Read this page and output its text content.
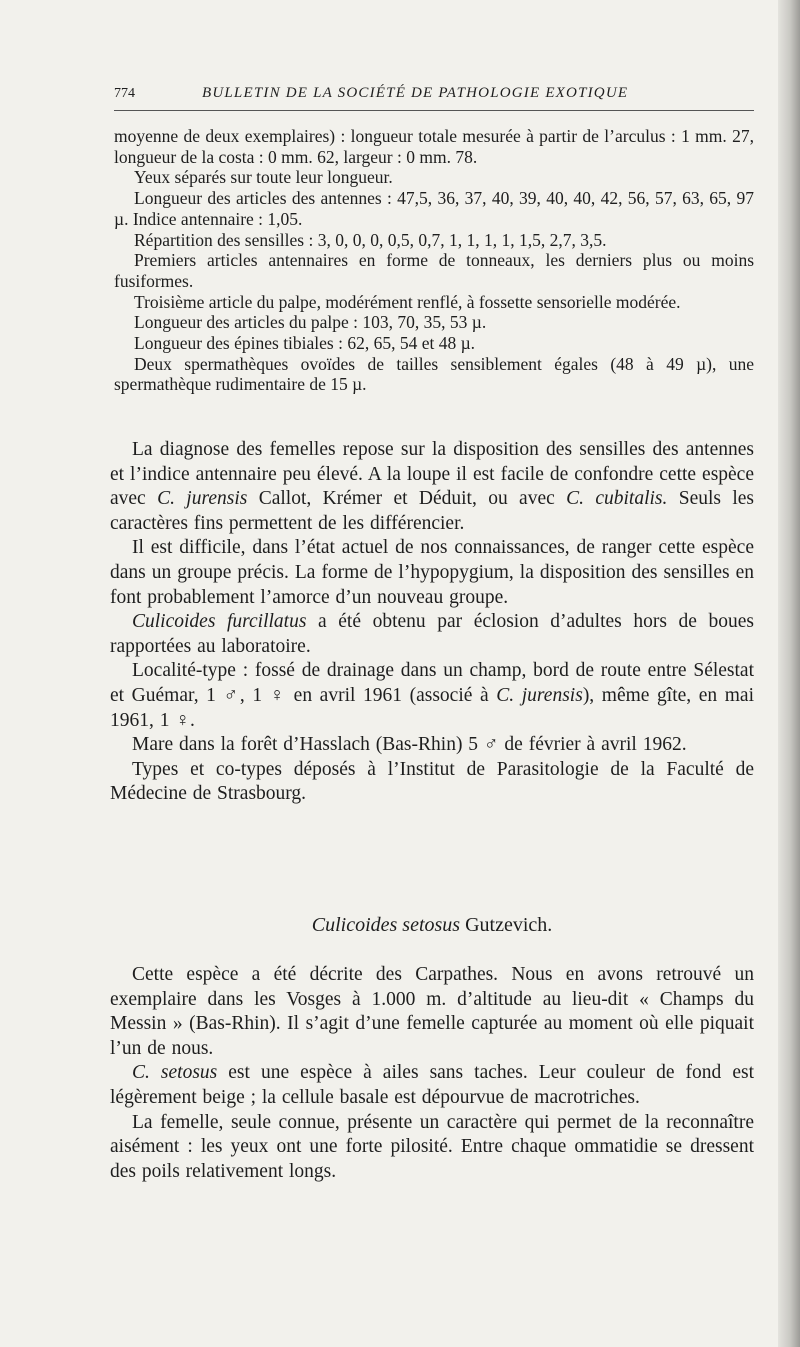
774	BULLETIN DE LA SOCIÉTÉ DE PATHOLOGIE EXOTIQUE

moyenne de deux exemplaires) : longueur totale mesurée à partir de l’arculus : 1 mm. 27, longueur de la costa : 0 mm. 62, largeur : 0 mm. 78.

Yeux séparés sur toute leur longueur.

Longueur des articles des antennes : 47,5, 36, 37, 40, 39, 40, 40, 42, 56, 57, 63, 65, 97 µ. Indice antennaire : 1,05.

Répartition des sensilles : 3, 0, 0, 0, 0,5, 0,7, 1, 1, 1, 1, 1,5, 2,7, 3,5.

Premiers articles antennaires en forme de tonneaux, les derniers plus ou moins fusiformes.

Troisième article du palpe, modérément renflé, à fossette sensorielle modérée.

Longueur des articles du palpe : 103, 70, 35, 53 µ.

Longueur des épines tibiales : 62, 65, 54 et 48 µ.

Deux spermathèques ovoïdes de tailles sensiblement égales (48 à 49 µ), une spermathèque rudimentaire de 15 µ.

La diagnose des femelles repose sur la disposition des sensilles des antennes et l’indice antennaire peu élevé. A la loupe il est facile de confondre cette espèce avec C. jurensis Callot, Krémer et Déduit, ou avec C. cubitalis. Seuls les caractères fins permettent de les différencier.

Il est difficile, dans l’état actuel de nos connaissances, de ranger cette espèce dans un groupe précis. La forme de l’hypopygium, la disposition des sensilles en font probablement l’amorce d’un nouveau groupe.

Culicoides furcillatus a été obtenu par éclosion d’adultes hors de boues rapportées au laboratoire.

Localité-type : fossé de drainage dans un champ, bord de route entre Sélestat et Guémar, 1 ♂, 1 ♀ en avril 1961 (associé à C. jurensis), même gîte, en mai 1961, 1 ♀.

Mare dans la forêt d’Hasslach (Bas-Rhin) 5 ♂ de février à avril 1962.

Types et co-types déposés à l’Institut de Parasitologie de la Faculté de Médecine de Strasbourg.

Culicoides setosus Gutzevich.

Cette espèce a été décrite des Carpathes. Nous en avons retrouvé un exemplaire dans les Vosges à 1.000 m. d’altitude au lieu-dit « Champs du Messin » (Bas-Rhin). Il s’agit d’une femelle capturée au moment où elle piquait l’un de nous.

C. setosus est une espèce à ailes sans taches. Leur couleur de fond est légèrement beige ; la cellule basale est dépourvue de macrotriches.

La femelle, seule connue, présente un caractère qui permet de la reconnaître aisément : les yeux ont une forte pilosité. Entre chaque ommatidie se dressent des poils relativement longs.
